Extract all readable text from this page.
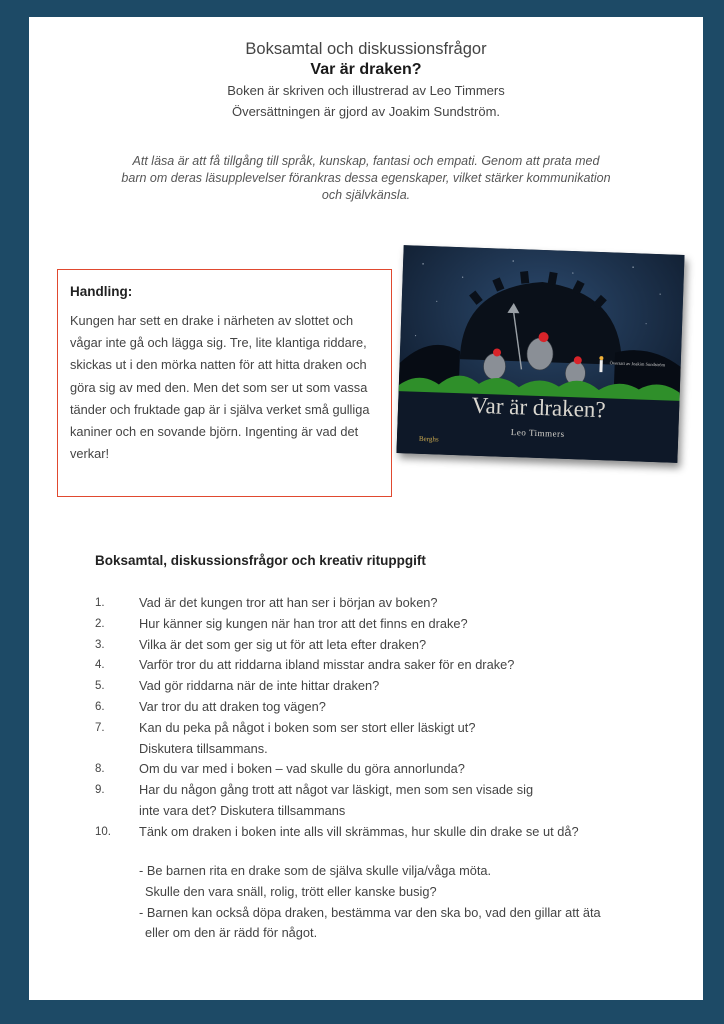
Boksamtal och diskussionsfrågor
Var är draken?
Boken är skriven och illustrerad av Leo Timmers
Översättningen är gjord av Joakim Sundström.
Att läsa är att få tillgång till språk, kunskap, fantasi och empati. Genom att prata med barn om deras läsupplevelser förankras dessa egenskaper, vilket stärker kommunikation och självkänsla.
Handling:
Kungen har sett en drake i närheten av slottet och vågar inte gå och lägga sig. Tre, lite klantiga riddare, skickas ut i den mörka natten för att hitta draken och göra sig av med den. Men det som ser ut som vassa tänder och fruktade gap är i själva verket små gulliga kaniner och en sovande björn. Ingenting är vad det verkar!
Översatt av Joakim Sundström
Var är draken?
Leo Timmers
Berghs
Boksamtal, diskussionsfrågor och kreativ rituppgift
1.	Vad är det kungen tror att han ser i början av boken?
2.	Hur känner sig kungen när han tror att det finns en drake?
3.	Vilka är det som ger sig ut för att leta efter draken?
4.	Varför tror du att riddarna ibland misstar andra saker för en drake?
5.	Vad gör riddarna när de inte hittar draken?
6.	Var tror du att draken tog vägen?
7.	Kan du peka på något i boken som ser stort eller läskigt ut?
Diskutera tillsammans.
8.	Om du var med i boken – vad skulle du göra annorlunda?
9.	Har du någon gång trott att något var läskigt, men som sen visade sig
inte vara det? Diskutera tillsammans
10.	Tänk om draken i boken inte alls vill skrämmas, hur skulle din drake se ut då?

- Be barnen rita en drake som de själva skulle vilja/våga möta.

Skulle den vara snäll, rolig, trött eller kanske busig?

- Barnen kan också döpa draken, bestämma var den ska bo, vad den gillar att äta

eller om den är rädd för något.
